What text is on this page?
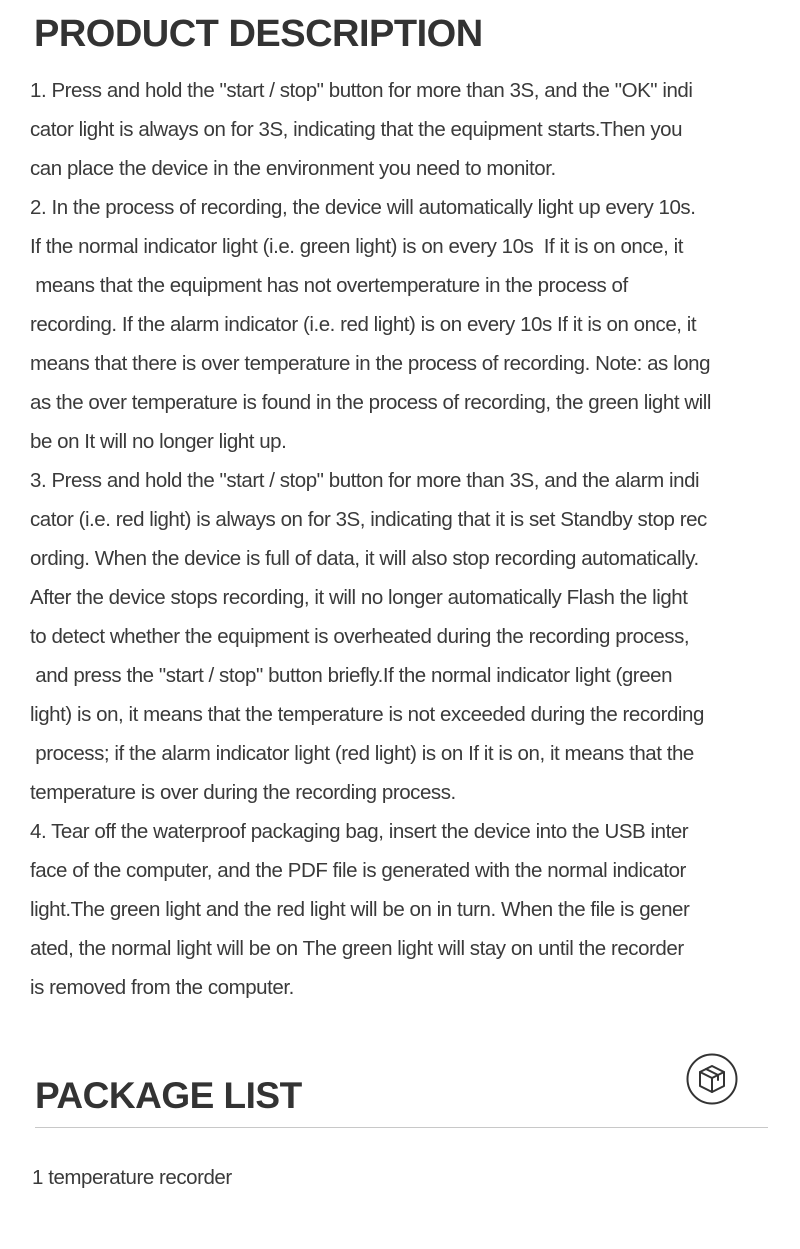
PRODUCT DESCRIPTION
1. Press and hold the "start / stop" button for more than 3S, and the "OK" indi
cator light is always on for 3S, indicating that the equipment starts.Then you
can place the device in the environment you need to monitor.
2. In the process of recording, the device will automatically light up every 10s.
If the normal indicator light (i.e. green light) is on every 10s  If it is on once, it
means that the equipment has not overtemperature in the process of
recording. If the alarm indicator (i.e. red light) is on every 10s If it is on once, it
means that there is over temperature in the process of recording. Note: as long
as the over temperature is found in the process of recording, the green light will
be on It will no longer light up.
3. Press and hold the "start / stop" button for more than 3S, and the alarm indi
cator (i.e. red light) is always on for 3S, indicating that it is set Standby stop rec
ording. When the device is full of data, it will also stop recording automatically.
After the device stops recording, it will no longer automatically Flash the light
to detect whether the equipment is overheated during the recording process,
and press the "start / stop" button briefly.If the normal indicator light (green
light) is on, it means that the temperature is not exceeded during the recording
process; if the alarm indicator light (red light) is on If it is on, it means that the
temperature is over during the recording process.
4. Tear off the waterproof packaging bag, insert the device into the USB inter
face of the computer, and the PDF file is generated with the normal indicator
light.The green light and the red light will be on in turn. When the file is gener
ated, the normal light will be on The green light will stay on until the recorder
is removed from the computer.
PACKAGE LIST

1 temperature recorder
